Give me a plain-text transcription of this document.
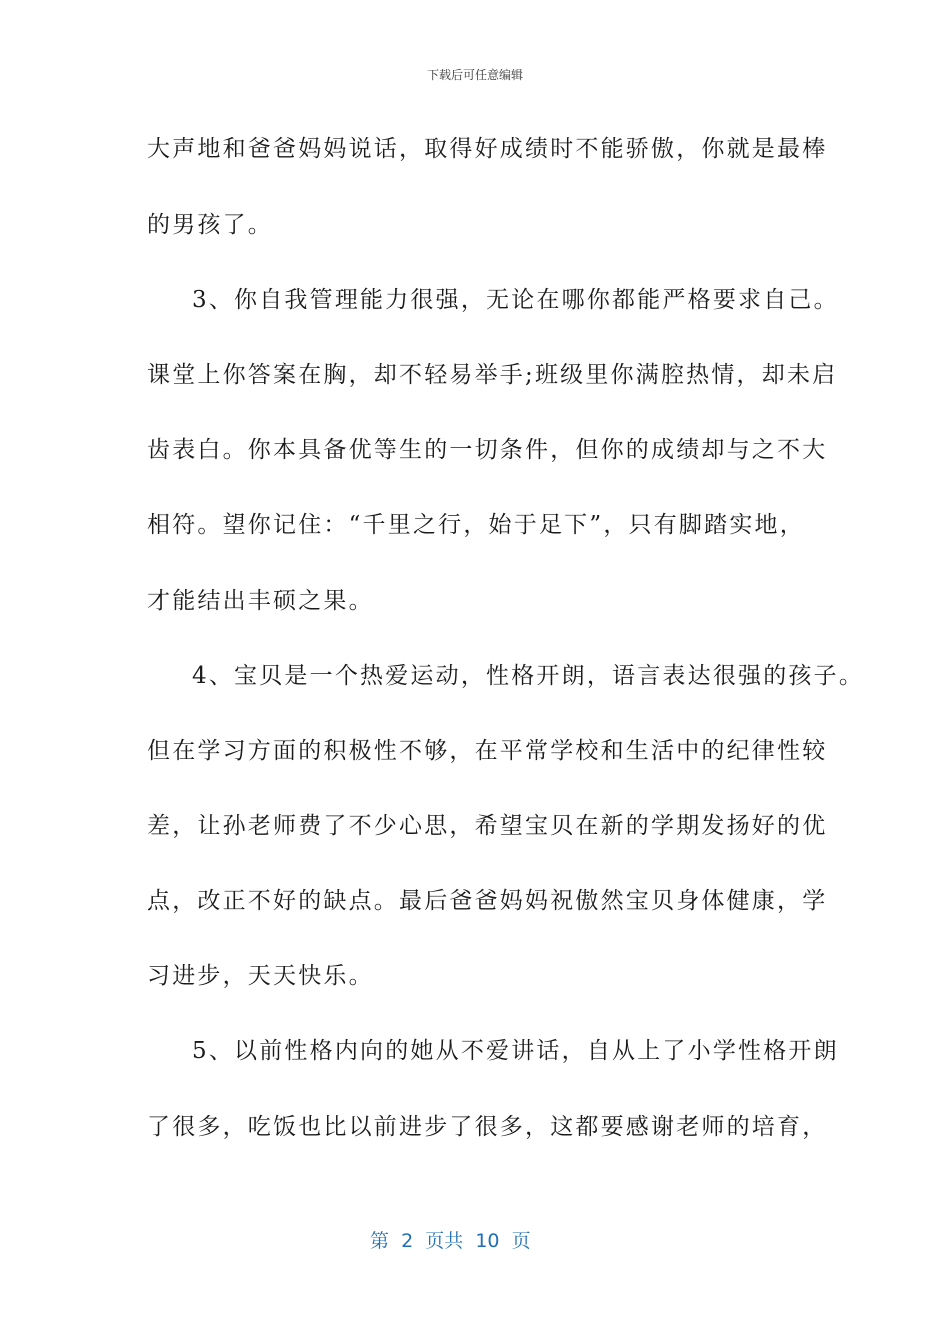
下载后可任意编辑
大声地和爸爸妈妈说话，取得好成绩时不能骄傲，你就是最棒
的男孩了。
3、你自我管理能力很强，无论在哪你都能严格要求自己。
课堂上你答案在胸，却不轻易举手;班级里你满腔热情，却未启
齿表白。你本具备优等生的一切条件，但你的成绩却与之不大
相符。望你记住：“千里之行，始于足下”，只有脚踏实地，
才能结出丰硕之果。
4、宝贝是一个热爱运动，性格开朗，语言表达很强的孩子。
但在学习方面的积极性不够，在平常学校和生活中的纪律性较
差，让孙老师费了不少心思，希望宝贝在新的学期发扬好的优
点，改正不好的缺点。最后爸爸妈妈祝傲然宝贝身体健康，学
习进步，天天快乐。
5、以前性格内向的她从不爱讲话，自从上了小学性格开朗
了很多，吃饭也比以前进步了很多，这都要感谢老师的培育，
第  2  页共  10  页
